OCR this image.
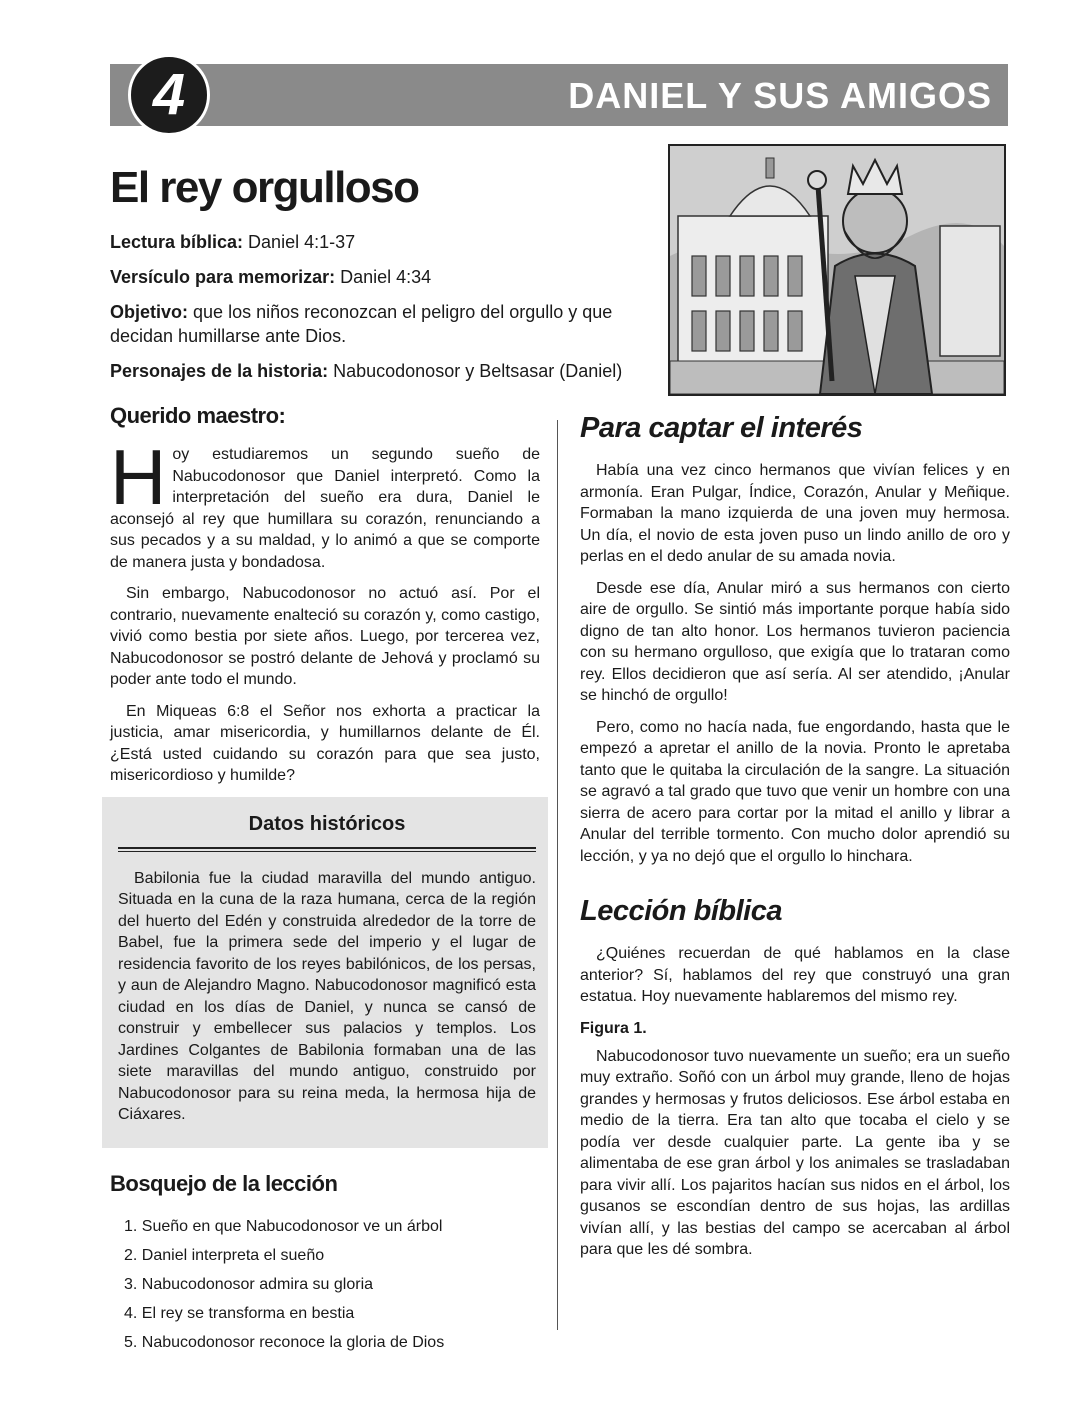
4	DANIEL Y SUS AMIGOS
El rey orgulloso

Lectura bíblica: Daniel 4:1-37

Versículo para memorizar: Daniel 4:34

Objetivo: que los niños reconozcan el peligro del orgullo y que decidan humillarse ante Dios.

Personajes de la historia: Nabucodonosor y Beltsasar (Daniel)

Querido maestro:

Hoy estudiaremos un segundo sueño de Nabucodonosor que Daniel interpretó. Como la interpretación del sueño era dura, Daniel le aconsejó al rey que humillara su corazón, renunciando a sus pecados y a su maldad, y lo animó a que se comporte de manera justa y bondadosa.

Sin embargo, Nabucodonosor no actuó así. Por el contrario, nuevamente enalteció su corazón y, como castigo, vivió como bestia por siete años. Luego, por tercerea vez, Nabucodonosor se postró delante de Jehová y proclamó su poder ante todo el mundo.

En Miqueas 6:8 el Señor nos exhorta a practicar la justicia, amar misericordia, y humillarnos delante de Él. ¿Está usted cuidando su corazón para que sea justo, misericordioso y humilde?

Datos históricos

Babilonia fue la ciudad maravilla del mundo antiguo. Situada en la cuna de la raza humana, cerca de la región del huerto del Edén y construida alrededor de la torre de Babel, fue la primera sede del imperio y el lugar de residencia favorito de los reyes babilónicos, de los persas, y aun de Alejandro Magno. Nabucodonosor magnificó esta ciudad en los días de Daniel, y nunca se cansó de construir y embellecer sus palacios y templos. Los Jardines Colgantes de Babilonia formaban una de las siete maravillas del mundo antiguo, construido por Nabucodonosor para su reina meda, la hermosa hija de Ciáxares.

Bosquejo de la lección
1. Sueño en que Nabucodonosor ve un árbol
2. Daniel interpreta el sueño
3. Nabucodonosor admira su gloria
4. El rey se transforma en bestia
5. Nabucodonosor reconoce la gloria de Dios
Para captar el interés

Había una vez cinco hermanos que vivían felices y en armonía. Eran Pulgar, Índice, Corazón, Anular y Meñique. Formaban la mano izquierda de una joven muy hermosa. Un día, el novio de esta joven puso un lindo anillo de oro y perlas en el dedo anular de su amada novia.

Desde ese día, Anular miró a sus hermanos con cierto aire de orgullo. Se sintió más importante porque había sido digno de tan alto honor. Los hermanos tuvieron paciencia con su hermano orgulloso, que exigía que lo trataran como rey. Ellos decidieron que así sería. Al ser atendido, ¡Anular se hinchó de orgullo!

Pero, como no hacía nada, fue engordando, hasta que le empezó a apretar el anillo de la novia. Pronto le apretaba tanto que le quitaba la circulación de la sangre. La situación se agravó a tal grado que tuvo que venir un hombre con una sierra de acero para cortar por la mitad el anillo y librar a Anular del terrible tormento. Con mucho dolor aprendió su lección, y ya no dejó que el orgullo lo hinchara.

Lección bíblica

¿Quiénes recuerdan de qué hablamos en la clase anterior? Sí, hablamos del rey que construyó una gran estatua. Hoy nuevamente hablaremos del mismo rey.

Figura 1.

Nabucodonosor tuvo nuevamente un sueño; era un sueño muy extraño. Soñó con un árbol muy grande, lleno de hojas grandes y hermosas y frutos deliciosos. Ese árbol estaba en medio de la tierra. Era tan alto que tocaba el cielo y se podía ver desde cualquier parte. La gente iba y se alimentaba de ese gran árbol y los animales se trasladaban para vivir allí. Los pajaritos hacían sus nidos en el árbol, los gusanos se escondían dentro de sus hojas, las ardillas vivían allí, y las bestias del campo se acercaban al árbol para que les dé sombra.
